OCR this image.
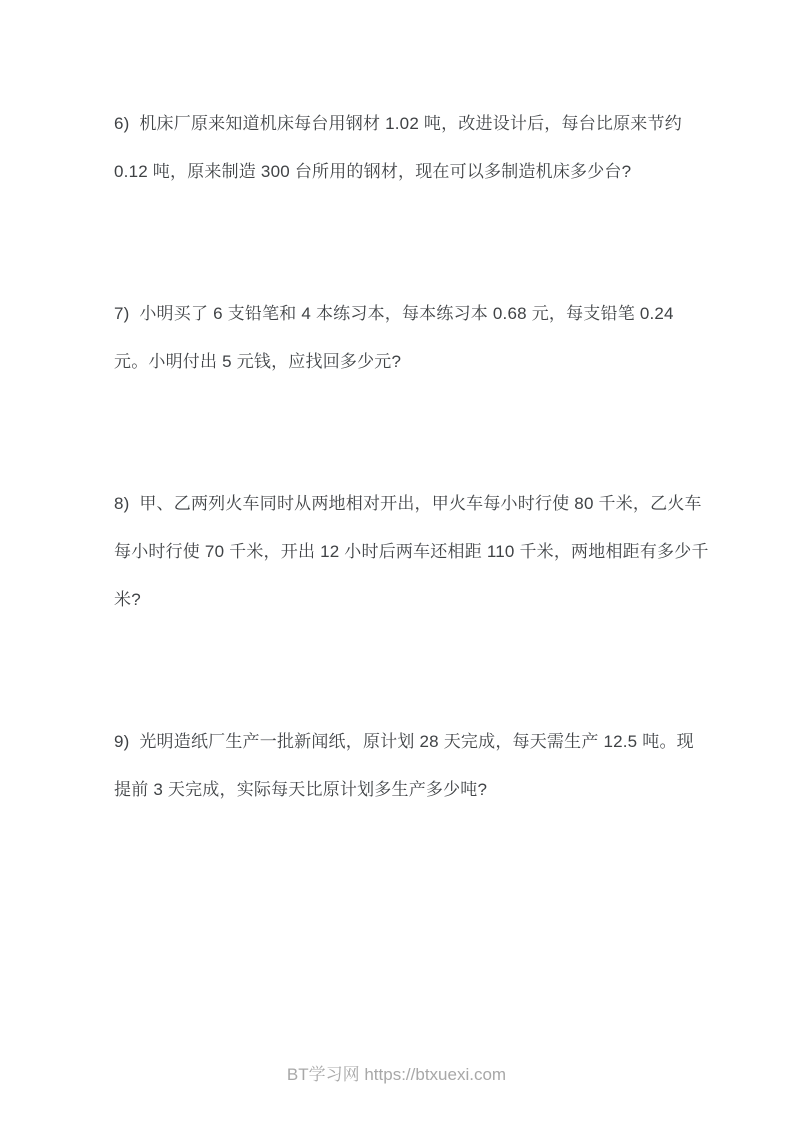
6)  机床厂原来知道机床每台用钢材 1.02 吨，改进设计后，每台比原来节约
0.12 吨，原来制造 300 台所用的钢材，现在可以多制造机床多少台?
7)  小明买了 6 支铅笔和 4 本练习本，每本练习本 0.68 元，每支铅笔 0.24
元。小明付出 5 元钱，应找回多少元?
8)  甲、乙两列火车同时从两地相对开出，甲火车每小时行使 80 千米，乙火车
每小时行使 70 千米，开出 12 小时后两车还相距 110 千米，两地相距有多少千
米?
9)  光明造纸厂生产一批新闻纸，原计划 28 天完成，每天需生产 12.5 吨。现
提前 3 天完成，实际每天比原计划多生产多少吨?
BT学习网 https://btxuexi.com
